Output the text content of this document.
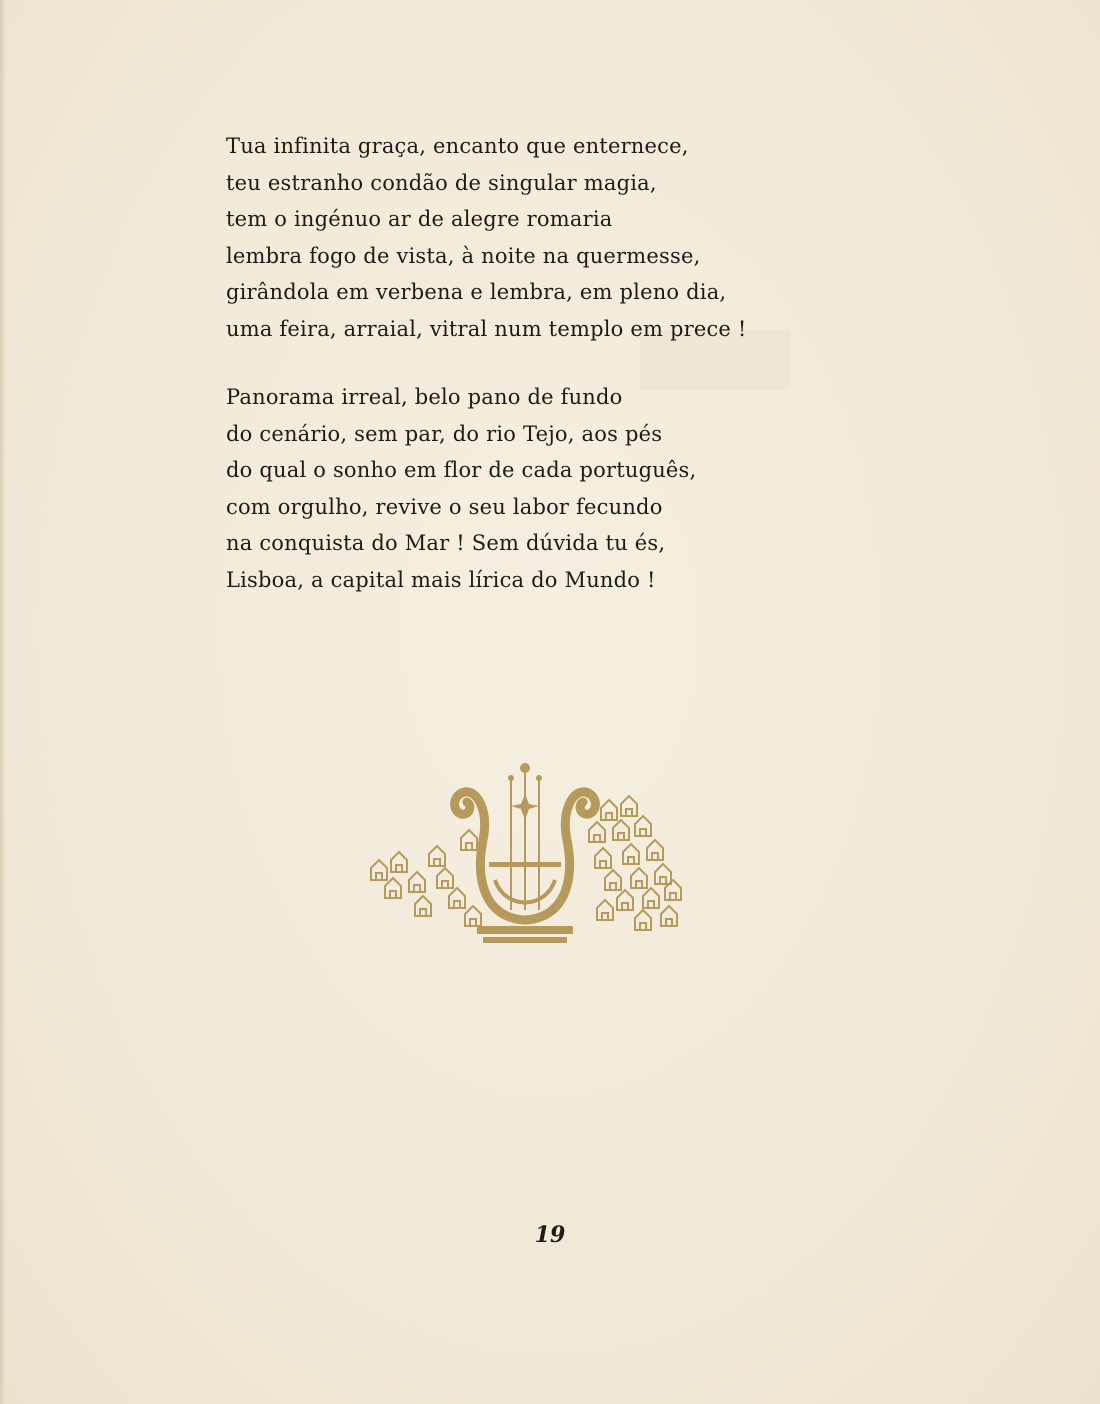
Tua infinita graça, encanto que enternece,
teu estranho condão de singular magia,
tem o ingénuo ar de alegre romaria
lembra fogo de vista, à noite na quermesse,
girândola em verbena e lembra, em pleno dia,
uma feira, arraial, vitral num templo em prece !
Panorama irreal, belo pano de fundo
do cenário, sem par, do rio Tejo, aos pés
do qual o sonho em flor de cada português,
com orgulho, revive o seu labor fecundo
na conquista do Mar ! Sem dúvida tu és,
Lisboa, a capital mais lírica do Mundo !
19
